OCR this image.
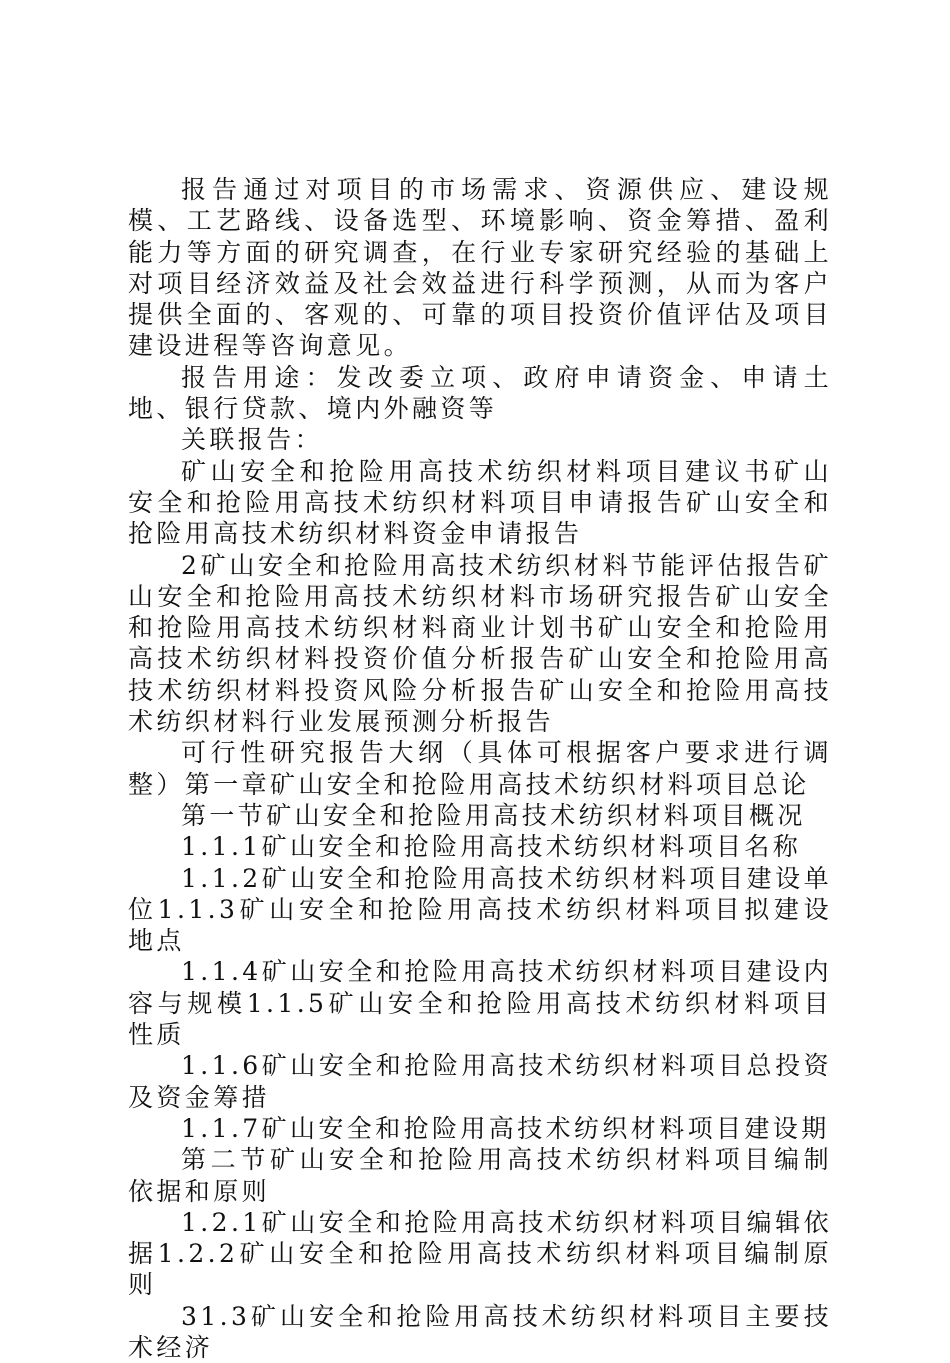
报告通过对项目的市场需求、资源供应、建设规模、工艺路线、设备选型、环境影响、资金筹措、盈利能力等方面的研究调查，在行业专家研究经验的基础上对项目经济效益及社会效益进行科学预测，从而为客户提供全面的、客观的、可靠的项目投资价值评估及项目建设进程等咨询意见。

报告用途：发改委立项、政府申请资金、申请土地、银行贷款、境内外融资等

关联报告：

矿山安全和抢险用高技术纺织材料项目建议书矿山安全和抢险用高技术纺织材料项目申请报告矿山安全和抢险用高技术纺织材料资金申请报告

2矿山安全和抢险用高技术纺织材料节能评估报告矿山安全和抢险用高技术纺织材料市场研究报告矿山安全和抢险用高技术纺织材料商业计划书矿山安全和抢险用高技术纺织材料投资价值分析报告矿山安全和抢险用高技术纺织材料投资风险分析报告矿山安全和抢险用高技术纺织材料行业发展预测分析报告

可行性研究报告大纲（具体可根据客户要求进行调整）第一章矿山安全和抢险用高技术纺织材料项目总论

第一节矿山安全和抢险用高技术纺织材料项目概况

1.1.1矿山安全和抢险用高技术纺织材料项目名称

1.1.2矿山安全和抢险用高技术纺织材料项目建设单位1.1.3矿山安全和抢险用高技术纺织材料项目拟建设地点

1.1.4矿山安全和抢险用高技术纺织材料项目建设内容与规模1.1.5矿山安全和抢险用高技术纺织材料项目性质

1.1.6矿山安全和抢险用高技术纺织材料项目总投资及资金筹措

1.1.7矿山安全和抢险用高技术纺织材料项目建设期

第二节矿山安全和抢险用高技术纺织材料项目编制依据和原则

1.2.1矿山安全和抢险用高技术纺织材料项目编辑依据1.2.2矿山安全和抢险用高技术纺织材料项目编制原则

31.3矿山安全和抢险用高技术纺织材料项目主要技术经济
